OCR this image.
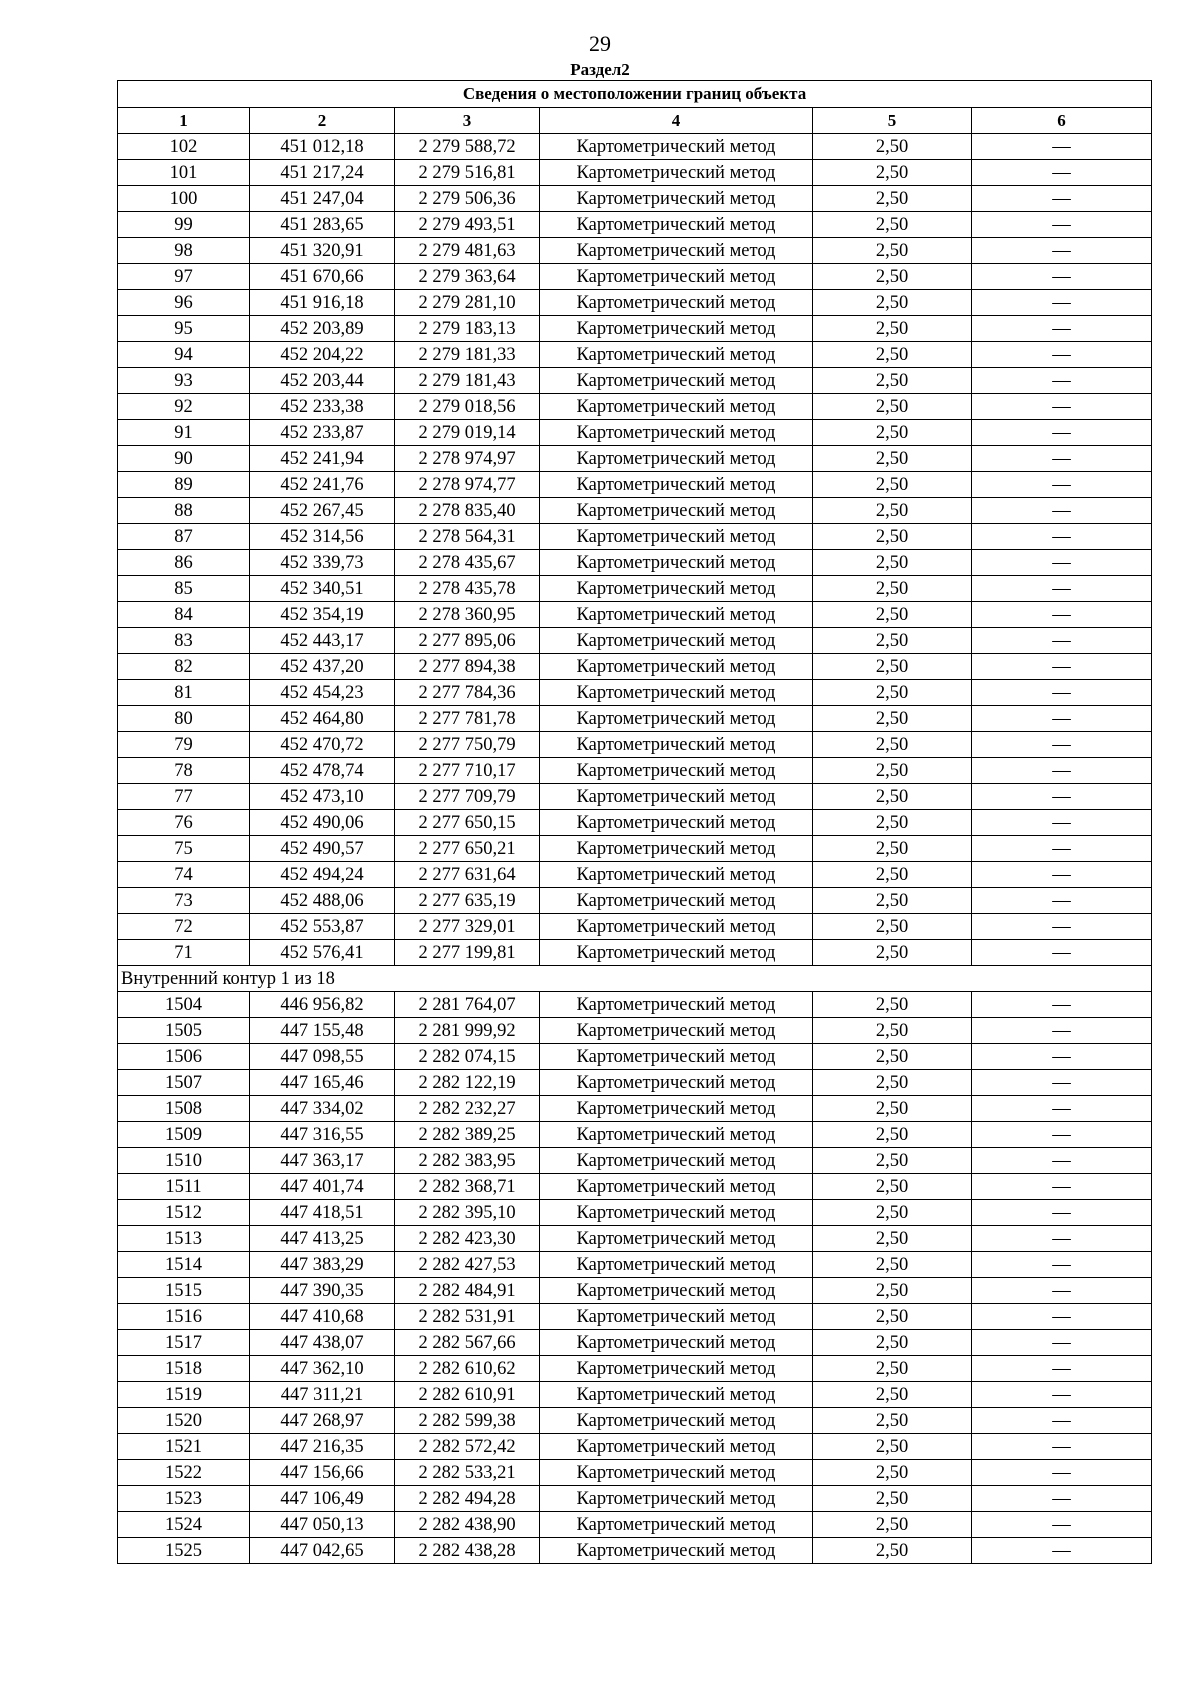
29
Раздел2
Сведения о местоположении границ объекта					
1	2	3	4	5	6
102	451 012,18	2 279 588,72	Картометрический метод	2,50	—
101	451 217,24	2 279 516,81	Картометрический метод	2,50	—
100	451 247,04	2 279 506,36	Картометрический метод	2,50	—
99	451 283,65	2 279 493,51	Картометрический метод	2,50	—
98	451 320,91	2 279 481,63	Картометрический метод	2,50	—
97	451 670,66	2 279 363,64	Картометрический метод	2,50	—
96	451 916,18	2 279 281,10	Картометрический метод	2,50	—
95	452 203,89	2 279 183,13	Картометрический метод	2,50	—
94	452 204,22	2 279 181,33	Картометрический метод	2,50	—
93	452 203,44	2 279 181,43	Картометрический метод	2,50	—
92	452 233,38	2 279 018,56	Картометрический метод	2,50	—
91	452 233,87	2 279 019,14	Картометрический метод	2,50	—
90	452 241,94	2 278 974,97	Картометрический метод	2,50	—
89	452 241,76	2 278 974,77	Картометрический метод	2,50	—
88	452 267,45	2 278 835,40	Картометрический метод	2,50	—
87	452 314,56	2 278 564,31	Картометрический метод	2,50	—
86	452 339,73	2 278 435,67	Картометрический метод	2,50	—
85	452 340,51	2 278 435,78	Картометрический метод	2,50	—
84	452 354,19	2 278 360,95	Картометрический метод	2,50	—
83	452 443,17	2 277 895,06	Картометрический метод	2,50	—
82	452 437,20	2 277 894,38	Картометрический метод	2,50	—
81	452 454,23	2 277 784,36	Картометрический метод	2,50	—
80	452 464,80	2 277 781,78	Картометрический метод	2,50	—
79	452 470,72	2 277 750,79	Картометрический метод	2,50	—
78	452 478,74	2 277 710,17	Картометрический метод	2,50	—
77	452 473,10	2 277 709,79	Картометрический метод	2,50	—
76	452 490,06	2 277 650,15	Картометрический метод	2,50	—
75	452 490,57	2 277 650,21	Картометрический метод	2,50	—
74	452 494,24	2 277 631,64	Картометрический метод	2,50	—
73	452 488,06	2 277 635,19	Картометрический метод	2,50	—
72	452 553,87	2 277 329,01	Картометрический метод	2,50	—
71	452 576,41	2 277 199,81	Картометрический метод	2,50	—
Внутренний контур 1 из 18					
1504	446 956,82	2 281 764,07	Картометрический метод	2,50	—
1505	447 155,48	2 281 999,92	Картометрический метод	2,50	—
1506	447 098,55	2 282 074,15	Картометрический метод	2,50	—
1507	447 165,46	2 282 122,19	Картометрический метод	2,50	—
1508	447 334,02	2 282 232,27	Картометрический метод	2,50	—
1509	447 316,55	2 282 389,25	Картометрический метод	2,50	—
1510	447 363,17	2 282 383,95	Картометрический метод	2,50	—
1511	447 401,74	2 282 368,71	Картометрический метод	2,50	—
1512	447 418,51	2 282 395,10	Картометрический метод	2,50	—
1513	447 413,25	2 282 423,30	Картометрический метод	2,50	—
1514	447 383,29	2 282 427,53	Картометрический метод	2,50	—
1515	447 390,35	2 282 484,91	Картометрический метод	2,50	—
1516	447 410,68	2 282 531,91	Картометрический метод	2,50	—
1517	447 438,07	2 282 567,66	Картометрический метод	2,50	—
1518	447 362,10	2 282 610,62	Картометрический метод	2,50	—
1519	447 311,21	2 282 610,91	Картометрический метод	2,50	—
1520	447 268,97	2 282 599,38	Картометрический метод	2,50	—
1521	447 216,35	2 282 572,42	Картометрический метод	2,50	—
1522	447 156,66	2 282 533,21	Картометрический метод	2,50	—
1523	447 106,49	2 282 494,28	Картометрический метод	2,50	—
1524	447 050,13	2 282 438,90	Картометрический метод	2,50	—
1525	447 042,65	2 282 438,28	Картометрический метод	2,50	—
